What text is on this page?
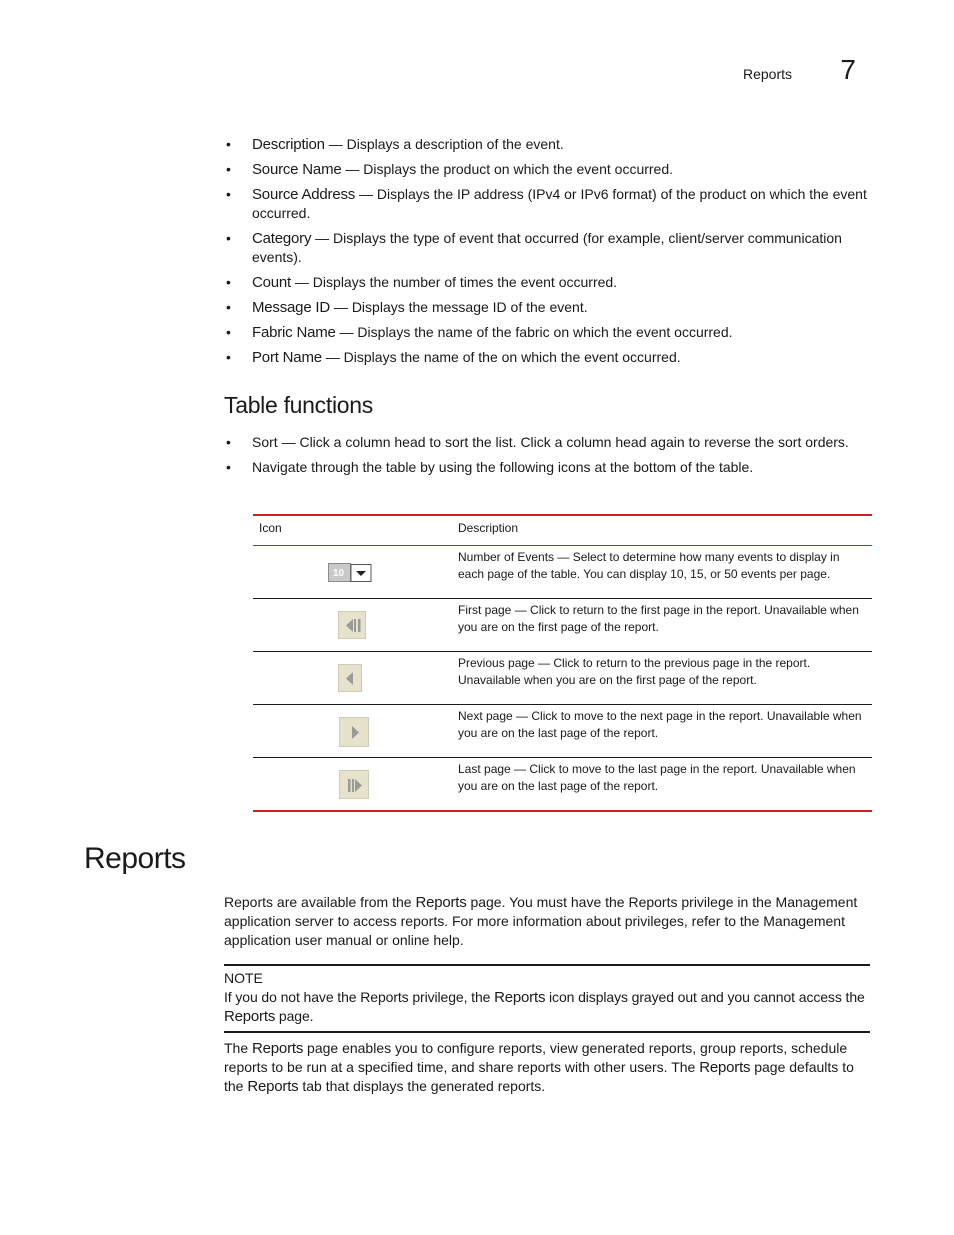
Reports 7
• Description — Displays a description of the event.
• Source Name — Displays the product on which the event occurred.
• Source Address — Displays the IP address (IPv4 or IPv6 format) of the product on which the event occurred.
• Category — Displays the type of event that occurred (for example, client/server communication events).
• Count — Displays the number of times the event occurred.
• Message ID — Displays the message ID of the event.
• Fabric Name — Displays the name of the fabric on which the event occurred.
• Port Name — Displays the name of the on which the event occurred.
Table functions
• Sort — Click a column head to sort the list. Click a column head again to reverse the sort orders.
• Navigate through the table by using the following icons at the bottom of the table.
Icon	Description
10
Number of Events — Select to determine how many events to display in each page of the table. You can display 10, 15, or 50 events per page.
First page — Click to return to the first page in the report. Unavailable when you are on the first page of the report.
Previous page — Click to return to the previous page in the report. Unavailable when you are on the first page of the report.
Next page — Click to move to the next page in the report. Unavailable when you are on the last page of the report.
Last page — Click to move to the last page in the report. Unavailable when you are on the last page of the report.
Reports

Reports are available from the Reports page. You must have the Reports privilege in the Management application server to access reports. For more information about privileges, refer to the Management application user manual or online help.

NOTE
If you do not have the Reports privilege, the Reports icon displays grayed out and you cannot access the Reports page.

The Reports page enables you to configure reports, view generated reports, group reports, schedule reports to be run at a specified time, and share reports with other users. The Reports page defaults to the Reports tab that displays the generated reports.
